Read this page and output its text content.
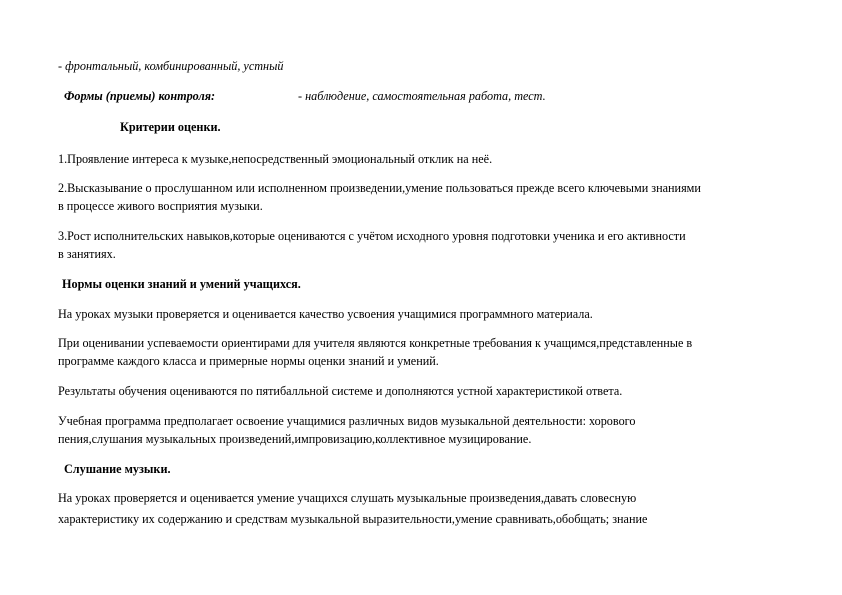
- фронтальный, комбинированный, устный

Формы (приемы) контроля:	- наблюдение, самостоятельная работа, тест.

Критерии оценки.

1.Проявление интереса к музыке,непосредственный эмоциональный отклик на неё.

2.Высказывание о прослушанном или исполненном произведении,умение пользоваться прежде всего ключевыми знаниями

в процессе живого восприятия музыки.

3.Рост исполнительских навыков,которые оцениваются с учётом исходного уровня подготовки ученика и его активности

в занятиях.

Нормы оценки знаний и умений учащихся.

На уроках музыки проверяется и оценивается качество усвоения учащимися программного материала.

При оценивании успеваемости ориентирами для учителя являются конкретные требования к учащимся,представленные в

программе каждого класса и примерные нормы оценки знаний и умений.

Результаты обучения оцениваются по пятибалльной системе и дополняются устной характеристикой ответа.

Учебная программа предполагает освоение учащимися различных видов музыкальной деятельности: хорового

пения,слушания музыкальных произведений,импровизацию,коллективное музицирование.

Слушание музыки.

На уроках проверяется и оценивается умение учащихся слушать музыкальные произведения,давать словесную

характеристику их содержанию и средствам музыкальной выразительности,умение сравнивать,обобщать; знание
